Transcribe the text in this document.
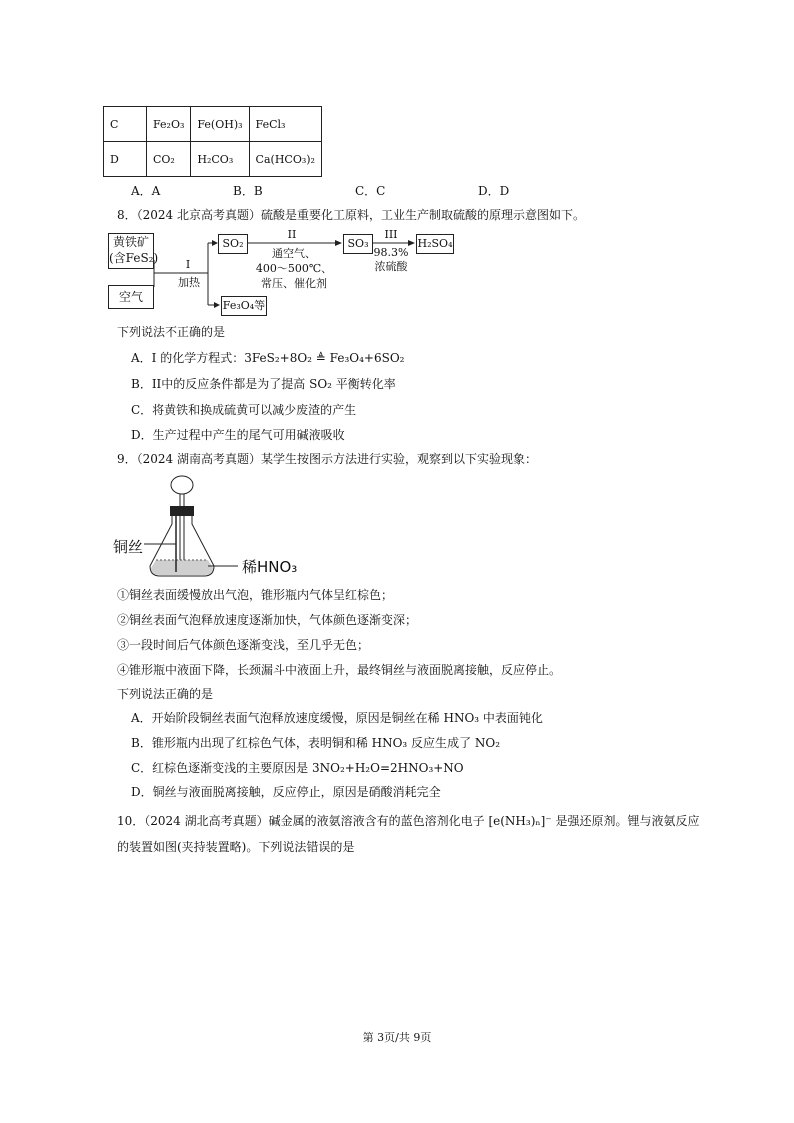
C	Fe₂O₃	Fe(OH)₃	FeCl₃
D	CO₂	H₂CO₃	Ca(HCO₃)₂
A．A	B．B	C．C	D．D
8．（2024 北京高考真题）硫酸是重要化工原料，工业生产制取硫酸的原理示意图如下。
黄铁矿
(含FeS₂)
空气
I
加热
SO₂
II
通空气、
400～500℃、
常压、催化剂
SO₃
III
98.3%
浓硫酸
H₂SO₄
Fe₃O₄等
下列说法不正确的是
A．I 的化学方程式：3FeS₂+8O₂ ≜ Fe₃O₄+6SO₂
B．II中的反应条件都是为了提高 SO₂ 平衡转化率
C．将黄铁和换成硫黄可以减少废渣的产生
D．生产过程中产生的尾气可用碱液吸收
9．（2024 湖南高考真题）某学生按图示方法进行实验，观察到以下实验现象：
铜丝
稀HNO₃
①铜丝表面缓慢放出气泡，锥形瓶内气体呈红棕色；
②铜丝表面气泡释放速度逐渐加快，气体颜色逐渐变深；
③一段时间后气体颜色逐渐变浅，至几乎无色；
④锥形瓶中液面下降，长颈漏斗中液面上升，最终铜丝与液面脱离接触，反应停止。
下列说法正确的是
A．开始阶段铜丝表面气泡释放速度缓慢，原因是铜丝在稀 HNO₃ 中表面钝化
B．锥形瓶内出现了红棕色气体，表明铜和稀 HNO₃ 反应生成了 NO₂
C．红棕色逐渐变浅的主要原因是 3NO₂+H₂O=2HNO₃+NO
D．铜丝与液面脱离接触，反应停止，原因是硝酸消耗完全
10．（2024 湖北高考真题）碱金属的液氨溶液含有的蓝色溶剂化电子 [e(NH₃)ₙ]⁻ 是强还原剂。锂与液氨反应
的装置如图(夹持装置略)。下列说法错误的是
第 3页/共 9页
